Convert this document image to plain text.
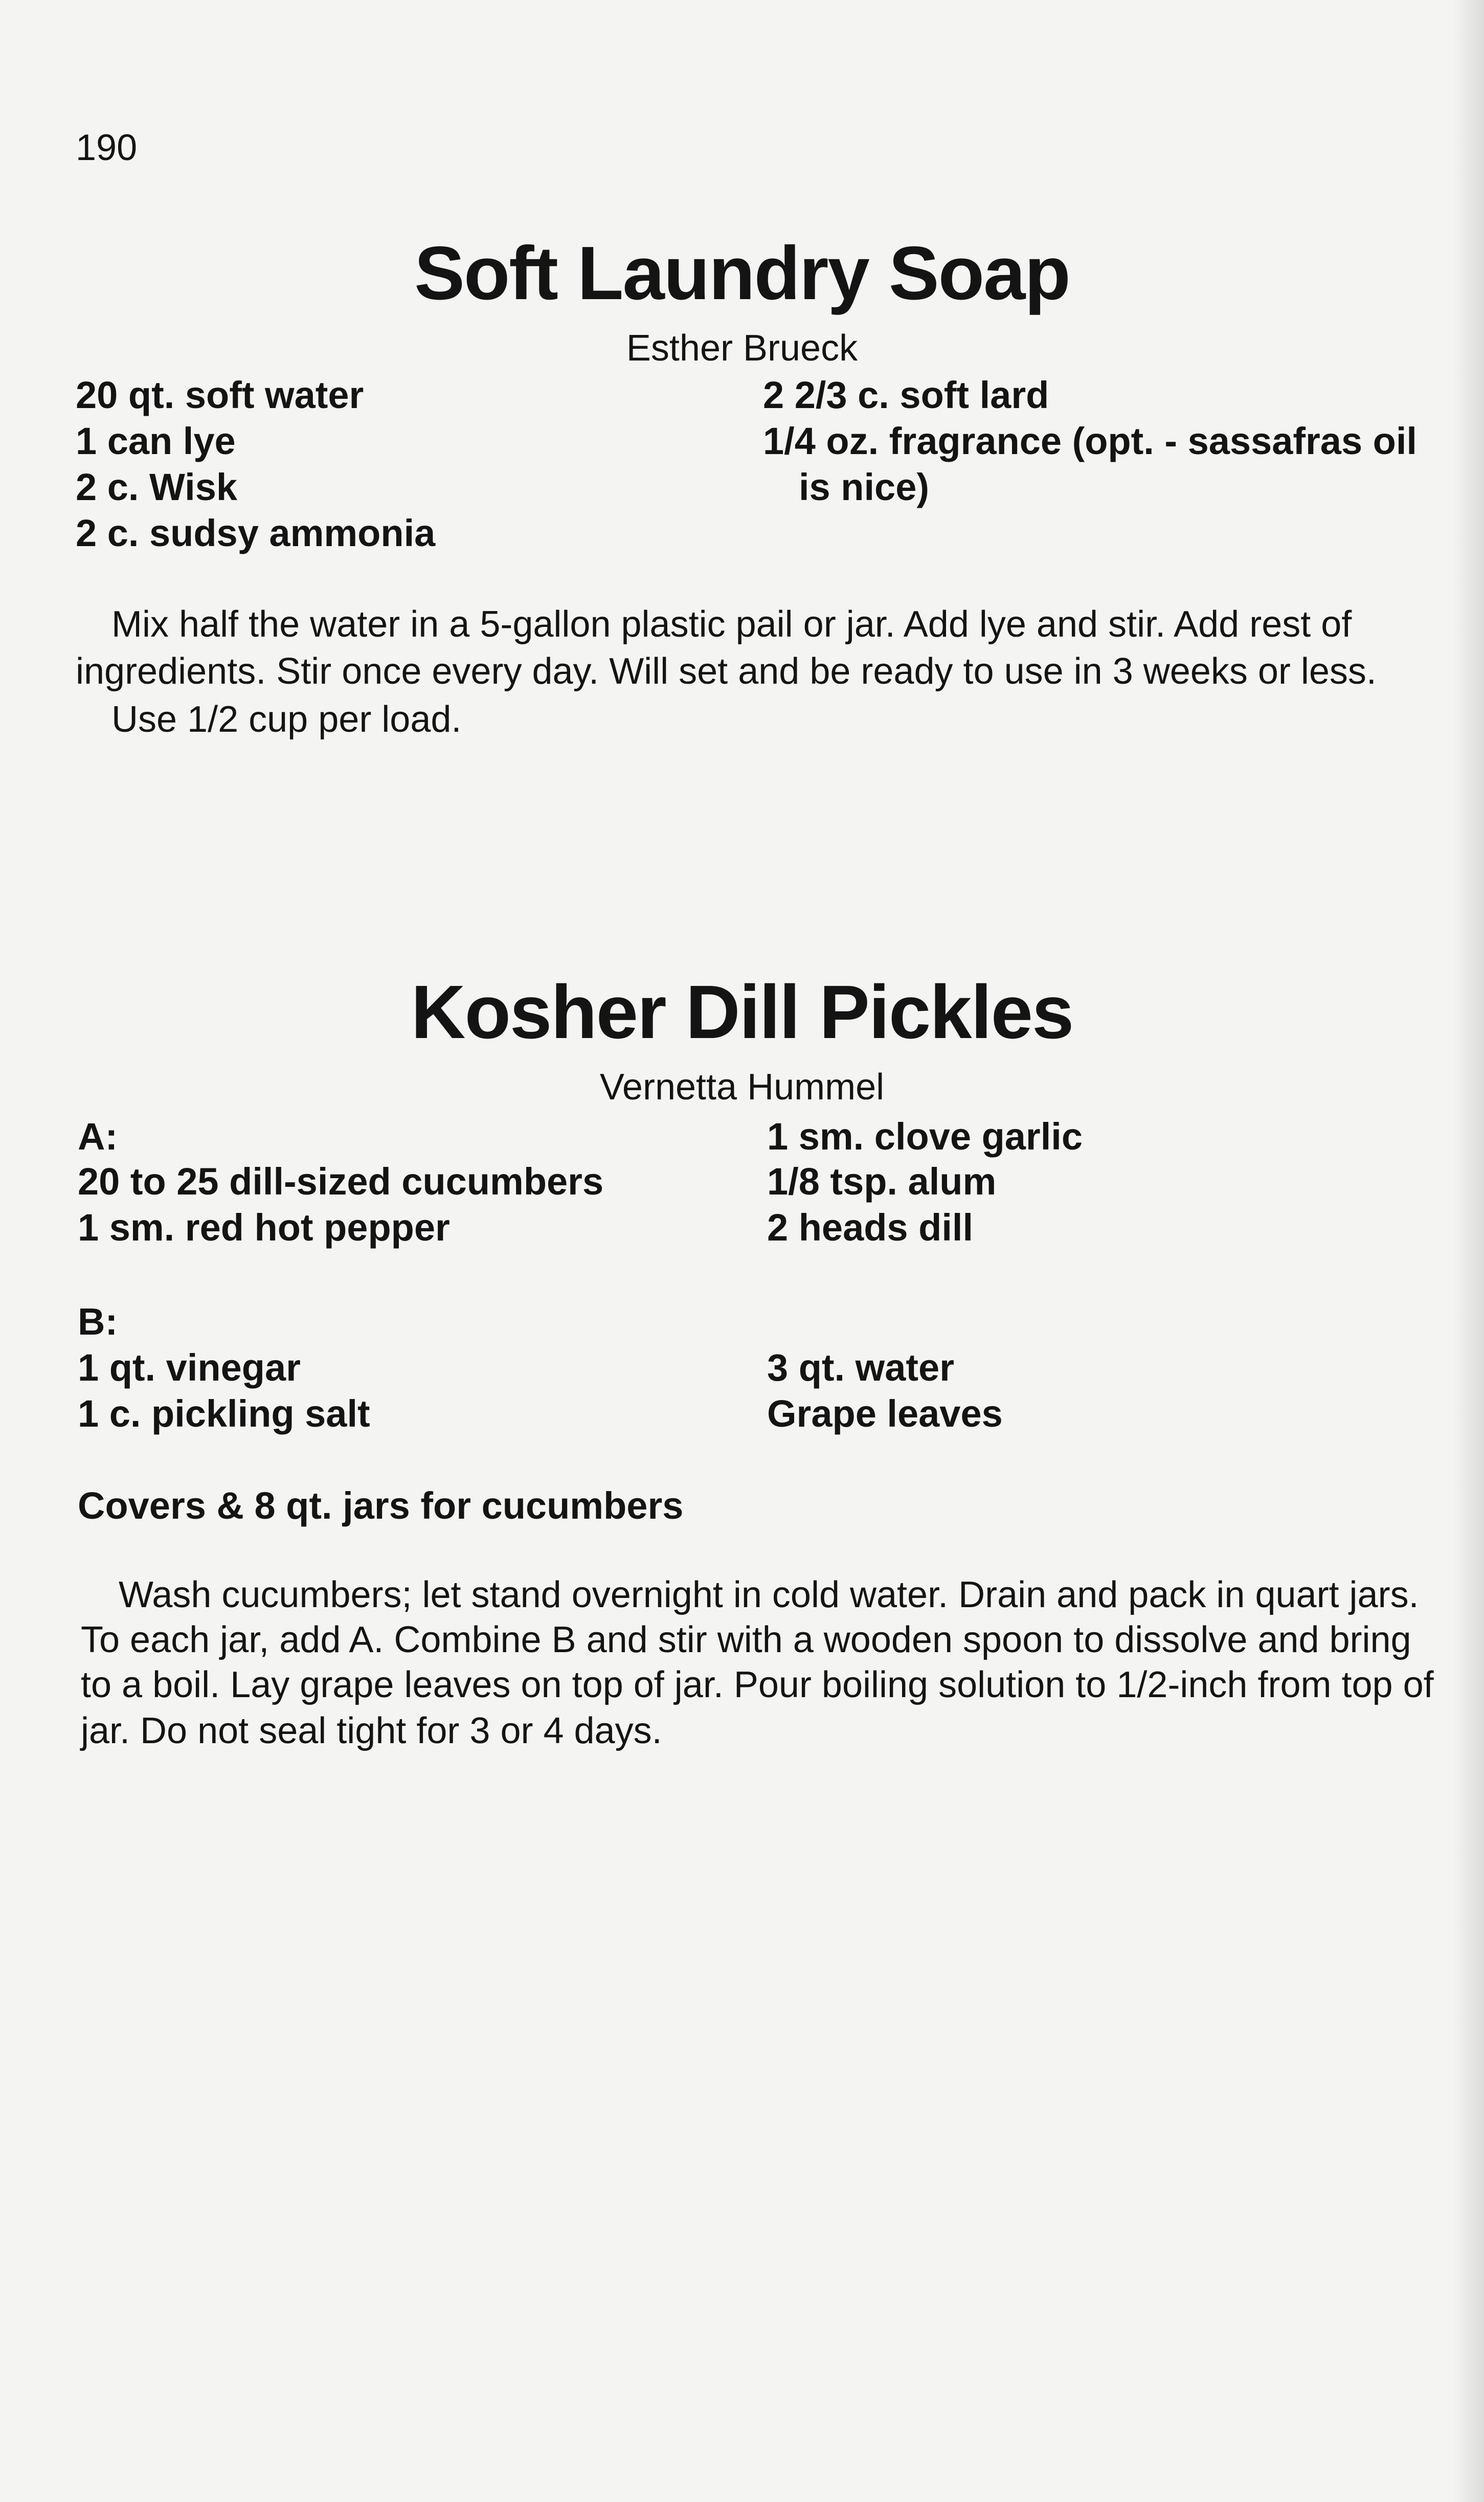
190
Soft Laundry Soap
Esther Brueck
20 qt. soft water
1 can lye
2 c. Wisk
2 c. sudsy ammonia
2 2/3 c. soft lard
1/4 oz. fragrance (opt. - sassafras oil
is nice)
Mix half the water in a 5-gallon plastic pail or jar. Add lye and stir. Add rest of
ingredients. Stir once every day. Will set and be ready to use in 3 weeks or less.
Use 1/2 cup per load.
Kosher Dill Pickles
Vernetta Hummel
A:
20 to 25 dill-sized cucumbers
1 sm. red hot pepper
1 sm. clove garlic
1/8 tsp. alum
2 heads dill
B:
1 qt. vinegar
1 c. pickling salt
3 qt. water
Grape leaves
Covers & 8 qt. jars for cucumbers
Wash cucumbers; let stand overnight in cold water. Drain and pack in quart jars.
To each jar, add A. Combine B and stir with a wooden spoon to dissolve and bring
to a boil. Lay grape leaves on top of jar. Pour boiling solution to 1/2-inch from top of
jar. Do not seal tight for 3 or 4 days.
